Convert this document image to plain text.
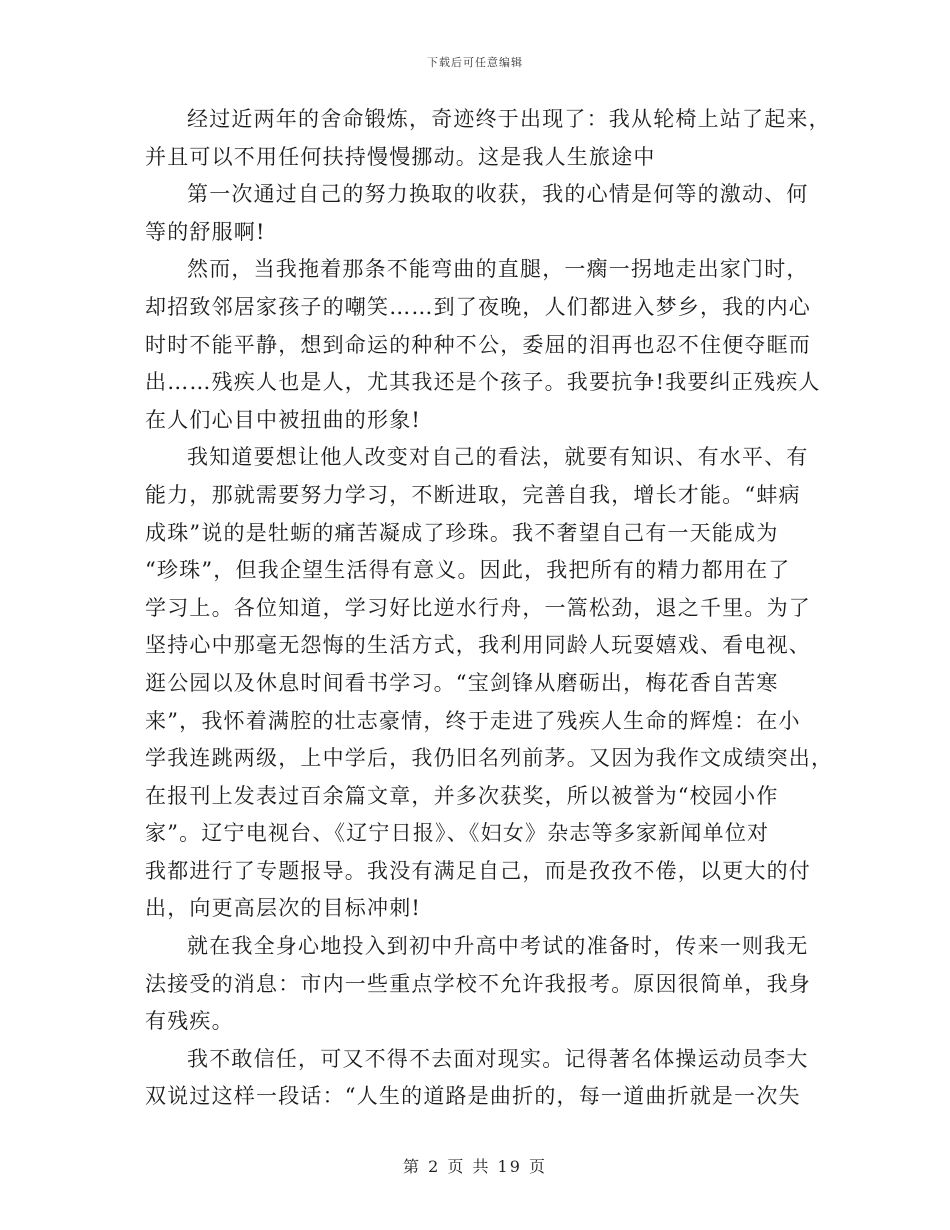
下载后可任意编辑
经过近两年的舍命锻炼，奇迹终于出现了：我从轮椅上站了起来，
并且可以不用任何扶持慢慢挪动。这是我人生旅途中
第一次通过自己的努力换取的收获，我的心情是何等的激动、何
等的舒服啊!
然而，当我拖着那条不能弯曲的直腿，一瘸一拐地走出家门时，
却招致邻居家孩子的嘲笑……到了夜晚，人们都进入梦乡，我的内心
时时不能平静，想到命运的种种不公，委屈的泪再也忍不住便夺眶而
出……残疾人也是人，尤其我还是个孩子。我要抗争!我要纠正残疾人
在人们心目中被扭曲的形象!
我知道要想让他人改变对自己的看法，就要有知识、有水平、有
能力，那就需要努力学习，不断进取，完善自我，增长才能。“蚌病
成珠”说的是牡蛎的痛苦凝成了珍珠。我不奢望自己有一天能成为
“珍珠”，但我企望生活得有意义。因此，我把所有的精力都用在了
学习上。各位知道，学习好比逆水行舟，一篙松劲，退之千里。为了
坚持心中那毫无怨悔的生活方式，我利用同龄人玩耍嬉戏、看电视、
逛公园以及休息时间看书学习。“宝剑锋从磨砺出，梅花香自苦寒
来”，我怀着满腔的壮志豪情，终于走进了残疾人生命的辉煌：在小
学我连跳两级，上中学后，我仍旧名列前茅。又因为我作文成绩突出，
在报刊上发表过百余篇文章，并多次获奖，所以被誉为“校园小作
家”。辽宁电视台、《辽宁日报》、《妇女》杂志等多家新闻单位对
我都进行了专题报导。我没有满足自己，而是孜孜不倦，以更大的付
出，向更高层次的目标冲刺!
就在我全身心地投入到初中升高中考试的准备时，传来一则我无
法接受的消息：市内一些重点学校不允许我报考。原因很简单，我身
有残疾。
我不敢信任，可又不得不去面对现实。记得著名体操运动员李大
双说过这样一段话：“人生的道路是曲折的，每一道曲折就是一次失
第 2 页 共 19 页
